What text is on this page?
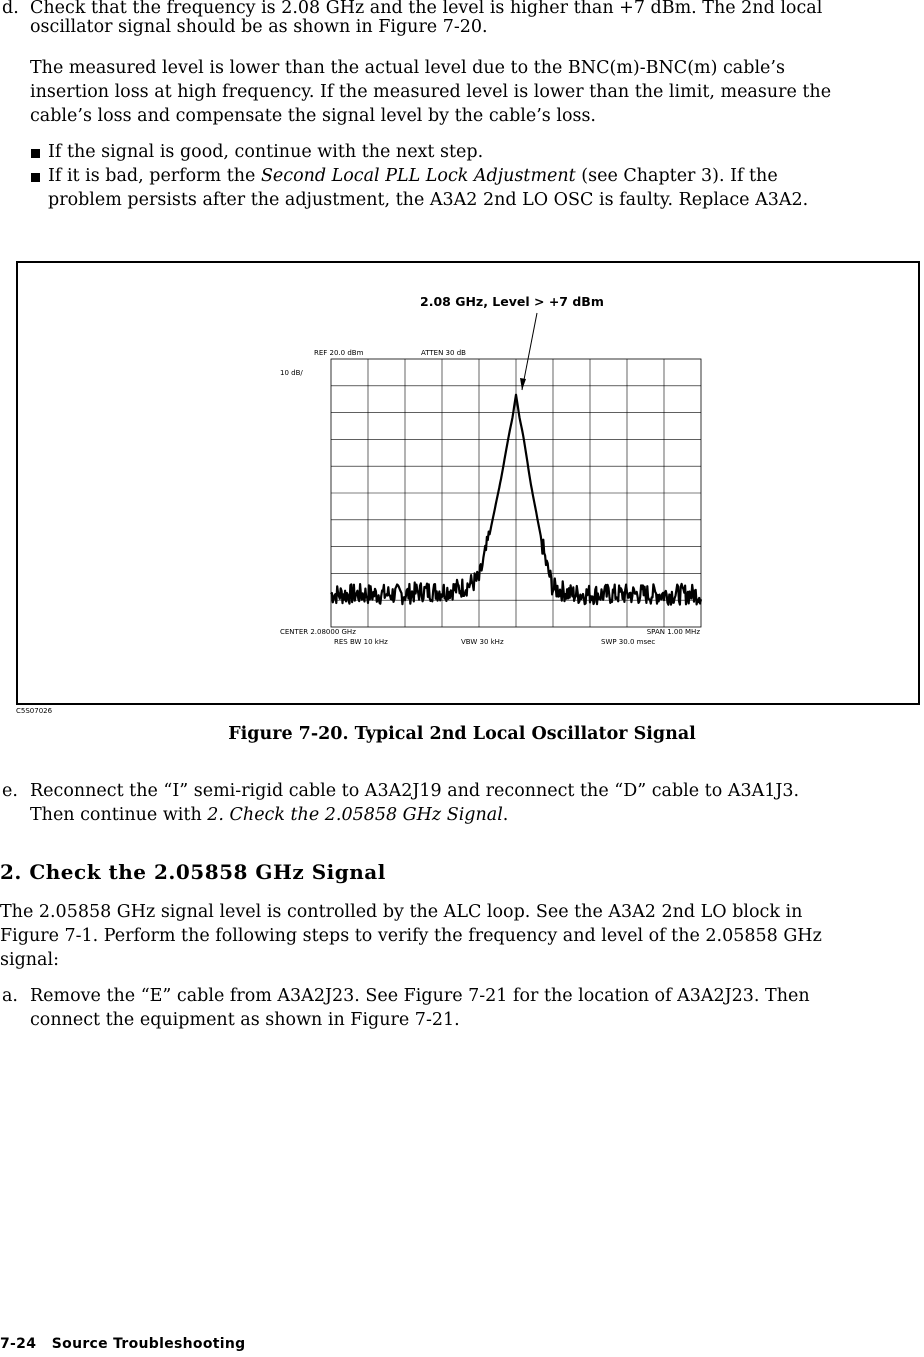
d. Check that the frequency is 2.08 GHz and the level is higher than +7 dBm. The 2nd local
oscillator signal should be as shown in Figure 7-20.
The measured level is lower than the actual level due to the BNC(m)-BNC(m) cable’s
insertion loss at high frequency. If the measured level is lower than the limit, measure the
cable’s loss and compensate the signal level by the cable’s loss.
If the signal is good, continue with the next step.
If it is bad, perform the Second Local PLL Lock Adjustment (see Chapter 3). If the
problem persists after the adjustment, the A3A2 2nd LO OSC is faulty. Replace A3A2.
2.08 GHz, Level > +7 dBm
REF 20.0 dBm	ATTEN 30 dB
10 dB/
CENTER 2.08000 GHz	SPAN 1.00 MHz
RES BW 10 kHz	VBW 30 kHz	SWP 30.0 msec
C5S07026
Figure 7-20. Typical 2nd Local Oscillator Signal
e. Reconnect the “I” semi-rigid cable to A3A2J19 and reconnect the “D” cable to A3A1J3.
Then continue with 2. Check the 2.05858 GHz Signal.
2. Check the 2.05858 GHz Signal
The 2.05858 GHz signal level is controlled by the ALC loop. See the A3A2 2nd LO block in
Figure 7-1. Perform the following steps to verify the frequency and level of the 2.05858 GHz
signal:
a. Remove the “E” cable from A3A2J23. See Figure 7-21 for the location of A3A2J23. Then
connect the equipment as shown in Figure 7-21.
7-24 Source Troubleshooting
